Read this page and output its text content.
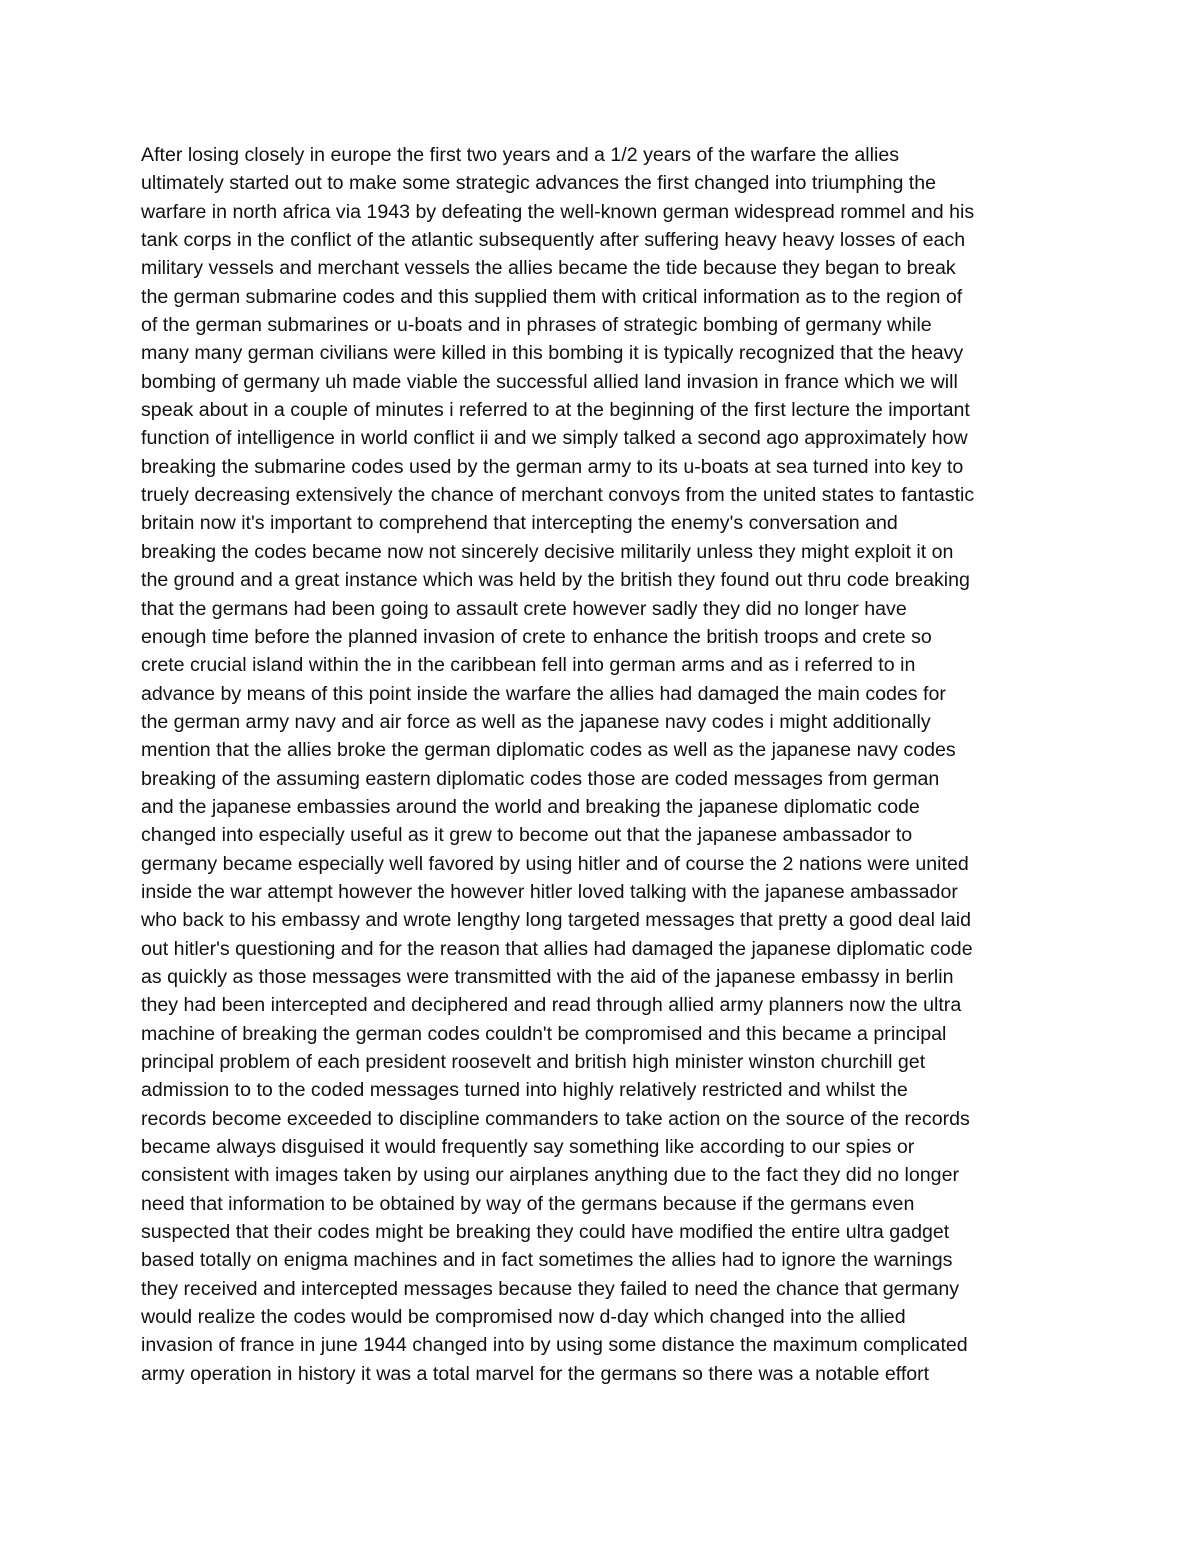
After losing closely in europe the first two years and a 1/2 years of the warfare the allies
ultimately started out to make some strategic advances the first changed into triumphing the
warfare in north africa via 1943 by defeating the well-known german widespread rommel and his
tank corps in the conflict of the atlantic subsequently after suffering heavy heavy losses of each
military vessels and merchant vessels the allies became the tide because they began to break
the german submarine codes and this supplied them with critical information as to the region of
of the german submarines or u-boats and in phrases of strategic bombing of germany while
many many german civilians were killed in this bombing it is typically recognized that the heavy
bombing of germany uh made viable the successful allied land invasion in france which we will
speak about in a couple of minutes i referred to at the beginning of the first lecture the important
function of intelligence in world conflict ii and we simply talked a second ago approximately how
breaking the submarine codes used by the german army to its u-boats at sea turned into key to
truely decreasing extensively the chance of merchant convoys from the united states to fantastic
britain now it's important to comprehend that intercepting the enemy's conversation and
breaking the codes became now not sincerely decisive militarily unless they might exploit it on
the ground and a great instance which was held by the british they found out thru code breaking
that the germans had been going to assault crete however sadly they did no longer have
enough time before the planned invasion of crete to enhance the british troops and crete so
crete crucial island within the in the caribbean fell into german arms and as i referred to in
advance by means of this point inside the warfare the allies had damaged the main codes for
the german army navy and air force as well as the japanese navy codes i might additionally
mention that the allies broke the german diplomatic codes as well as the japanese navy codes
breaking of the assuming eastern diplomatic codes those are coded messages from german
and the japanese embassies around the world and breaking the japanese diplomatic code
changed into especially useful as it grew to become out that the japanese ambassador to
germany became especially well favored by using hitler and of course the 2 nations were united
inside the war attempt however the however hitler loved talking with the japanese ambassador
who back to his embassy and wrote lengthy long targeted messages that pretty a good deal laid
out hitler's questioning and for the reason that allies had damaged the japanese diplomatic code
as quickly as those messages were transmitted with the aid of the japanese embassy in berlin
they had been intercepted and deciphered and read through allied army planners now the ultra
machine of breaking the german codes couldn't be compromised and this became a principal
principal problem of each president roosevelt and british high minister winston churchill get
admission to to the coded messages turned into highly relatively restricted and whilst the
records become exceeded to discipline commanders to take action on the source of the records
became always disguised it would frequently say something like according to our spies or
consistent with images taken by using our airplanes anything due to the fact they did no longer
need that information to be obtained by way of the germans because if the germans even
suspected that their codes might be breaking they could have modified the entire ultra gadget
based totally on enigma machines and in fact sometimes the allies had to ignore the warnings
they received and intercepted messages because they failed to need the chance that germany
would realize the codes would be compromised now d-day which changed into the allied
invasion of france in june 1944 changed into by using some distance the maximum complicated
army operation in history it was a total marvel for the germans so there was a notable effort
